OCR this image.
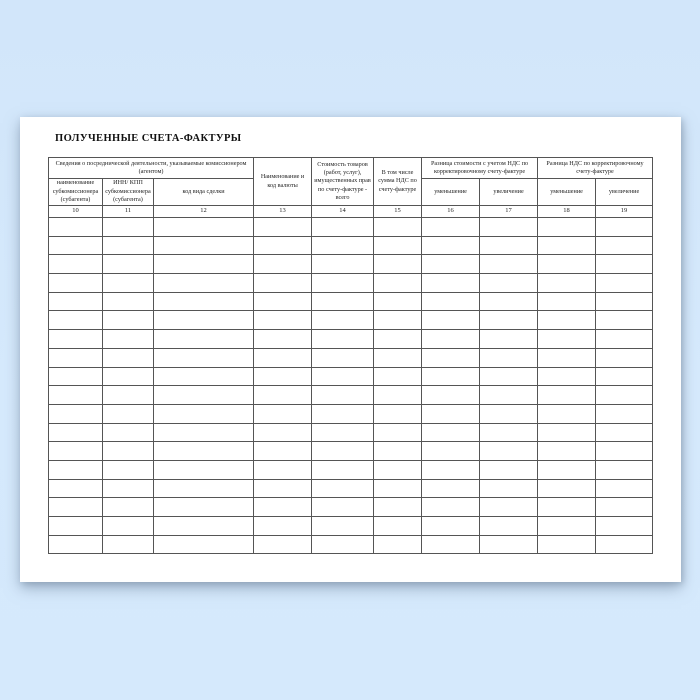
ПОЛУЧЕННЫЕ СЧЕТА-ФАКТУРЫ
Сведения о посреднической деятельности, указываемые комиссионером (агентом)			Наименование и код валюты	Стоимость товаров (работ, услуг), имущественных прав по счету-фактуре - всего	В том числе сумма НДС по счету-фактуре	Разница стоимости с учетом НДС по корректировочному счету-фактуре		Разница НДС по корректировочному счету-фактуре	
наименование субкомиссионера (субагента)	ИНН/ КПП субкомиссионера (субагента)	код вида сделки				уменьшение	увеличение	уменьшение	увеличение
10	11	12	13	14	15	16	17	18	19
